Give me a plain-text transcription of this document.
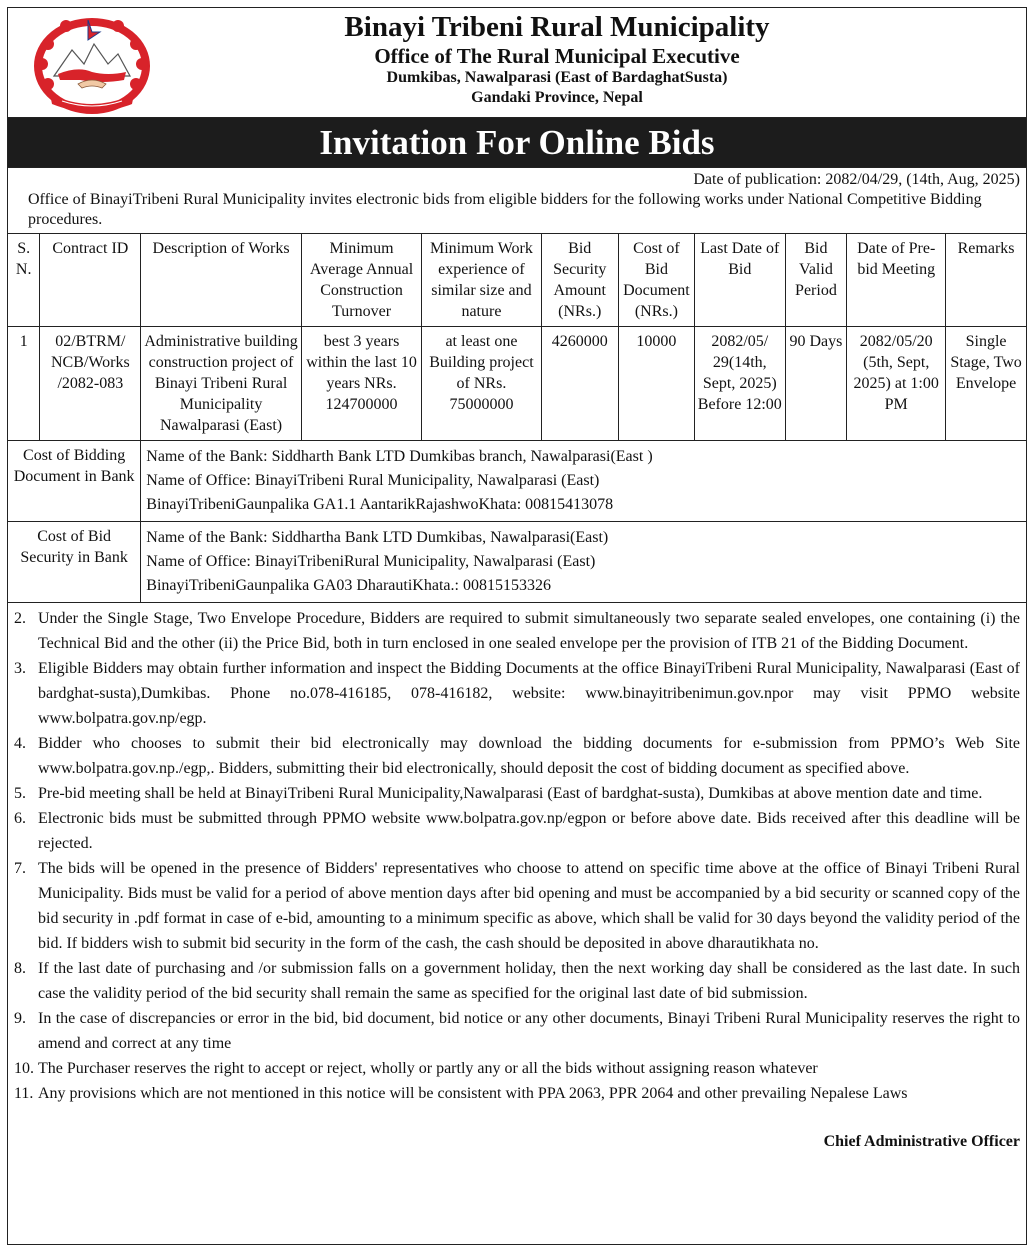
Binayi Tribeni Rural Municipality
Office of The Rural Municipal Executive
Dumkibas, Nawalparasi (East of BardaghatSusta)
Gandaki Province, Nepal
Invitation For Online Bids
Date of publication: 2082/04/29, (14th, Aug, 2025)
Office of BinayiTribeni Rural Municipality invites electronic bids from eligible bidders for the following works under National Competitive Bidding procedures.
S. N.	Contract ID	Description of Works	Minimum Average Annual Construction Turnover	Minimum Work experience of similar size and nature	Bid Security Amount (NRs.)	Cost of Bid Document (NRs.)	Last Date of Bid	Bid Valid Period	Date of Pre-bid Meeting	Remarks
1	02/BTRM/ NCB/Works /2082-083	Administrative building construction project of Binayi Tribeni Rural Municipality Nawalparasi (East)	best 3 years within the last 10 years NRs. 124700000	at least one Building project of NRs. 75000000	4260000	10000	2082/05/ 29(14th, Sept, 2025) Before 12:00	90 Days	2082/05/20 (5th, Sept, 2025) at 1:00 PM	Single Stage, Two Envelope
Cost of Bidding Document in Bank		Name of the Bank: Siddharth Bank LTD Dumkibas branch, Nawalparasi(East )
Name of Office: BinayiTribeni Rural Municipality, Nawalparasi (East)
BinayiTribeniGaunpalika GA1.1 AantarikRajashwoKhata: 00815413078								

Cost of Bid Security in Bank		Name of the Bank: Siddhartha Bank LTD Dumkibas, Nawalparasi(East)
Name of Office: BinayiTribeniRural Municipality, Nawalparasi (East)
BinayiTribeniGaunpalika GA03 DharautiKhata.: 00815153326								
2. Under the Single Stage, Two Envelope Procedure, Bidders are required to submit simultaneously two separate sealed envelopes, one containing (i) the Technical Bid and the other (ii) the Price Bid, both in turn enclosed in one sealed envelope per the provision of ITB 21 of the Bidding Document.
3. Eligible Bidders may obtain further information and inspect the Bidding Documents at the office BinayiTribeni Rural Municipality, Nawalparasi (East of bardghat-susta),Dumkibas. Phone no.078-416185, 078-416182, website: www.binayitribenimun.gov.npor may visit PPMO website www.bolpatra.gov.np/egp.
4. Bidder who chooses to submit their bid electronically may download the bidding documents for e-submission from PPMO’s Web Site www.bolpatra.gov.np./egp,. Bidders, submitting their bid electronically, should deposit the cost of bidding document as specified above.
5. Pre-bid meeting shall be held at BinayiTribeni Rural Municipality,Nawalparasi (East of bardghat-susta), Dumkibas at above mention date and time.
6. Electronic bids must be submitted through PPMO website www.bolpatra.gov.np/egpon or before above date. Bids received after this deadline will be rejected.
7. The bids will be opened in the presence of Bidders' representatives who choose to attend on specific time above at the office of Binayi Tribeni Rural Municipality. Bids must be valid for a period of above mention days after bid opening and must be accompanied by a bid security or scanned copy of the bid security in .pdf format in case of e-bid, amounting to a minimum specific as above, which shall be valid for 30 days beyond the validity period of the bid. If bidders wish to submit bid security in the form of the cash, the cash should be deposited in above dharautikhata no.
8. If the last date of purchasing and /or submission falls on a government holiday, then the next working day shall be considered as the last date. In such case the validity period of the bid security shall remain the same as specified for the original last date of bid submission.
9. In the case of discrepancies or error in the bid, bid document, bid notice or any other documents, Binayi Tribeni Rural Municipality reserves the right to amend and correct at any time
10. The Purchaser reserves the right to accept or reject, wholly or partly any or all the bids without assigning reason whatever
11. Any provisions which are not mentioned in this notice will be consistent with PPA 2063, PPR 2064 and other prevailing Nepalese Laws
Chief Administrative Officer
